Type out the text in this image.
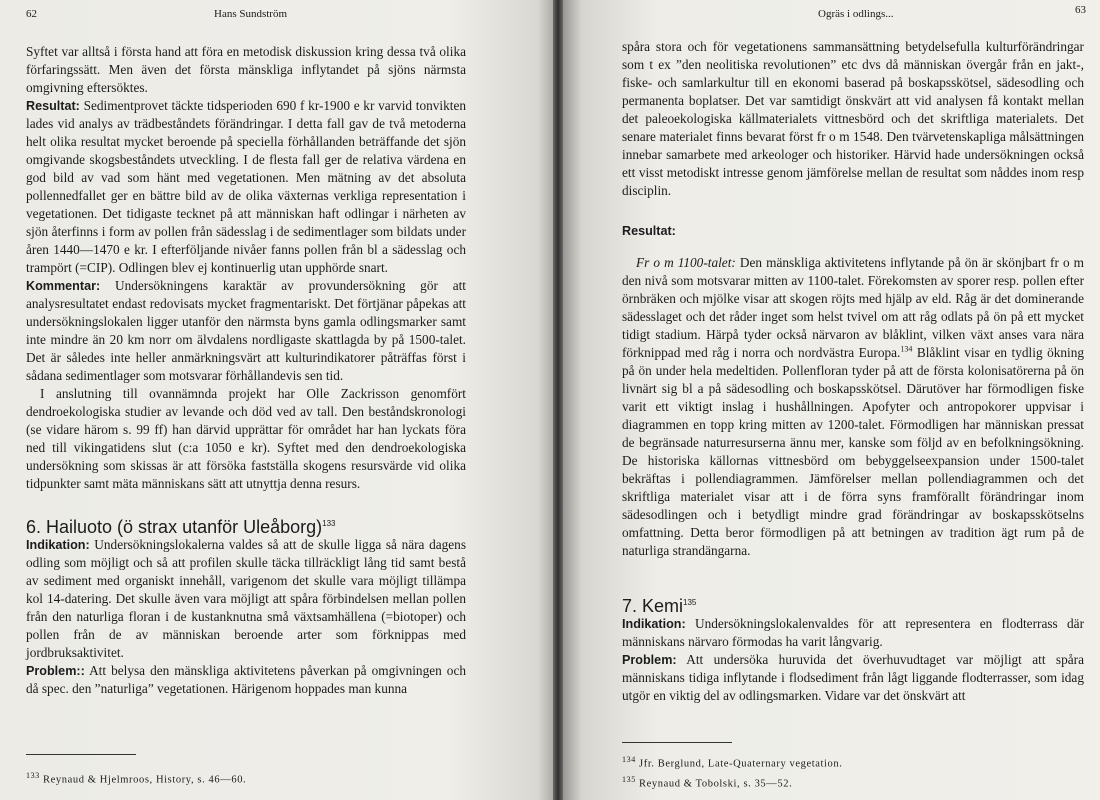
62	Hans Sundström

Syftet var alltså i första hand att föra en metodisk diskussion kring dessa två olika förfaringssätt. Men även det första mänskliga inflytandet på sjöns närmsta omgivning eftersöktes.

Resultat: Sedimentprovet täckte tidsperioden 690 f kr-1900 e kr varvid tonvikten lades vid analys av trädbeståndets förändringar. I detta fall gav de två metoderna helt olika resultat mycket beroende på speciella förhållanden beträffande det sjön omgivande skogsbeståndets utveckling. I de flesta fall ger de relativa värdena en god bild av vad som hänt med vegetationen. Men mätning av det absoluta pollennedfallet ger en bättre bild av de olika växternas verkliga representation i vegetationen. Det tidigaste tecknet på att människan haft odlingar i närheten av sjön återfinns i form av pollen från sädesslag i de sedimentlager som bildats under åren 1440—1470 e kr. I efterföljande nivåer fanns pollen från bl a sädesslag och trampört (=CIP). Odlingen blev ej kontinuerlig utan upphörde snart.

Kommentar: Undersökningens karaktär av provundersökning gör att analysresultatet endast redovisats mycket fragmentariskt. Det förtjänar påpekas att undersökningslokalen ligger utanför den närmsta byns gamla odlingsmarker samt inte mindre än 20 km norr om älvdalens nordligaste skattlagda by på 1500-talet. Det är således inte heller anmärkningsvärt att kulturindikatorer påträffas först i sådana sedimentlager som motsvarar förhållandevis sen tid.

I anslutning till ovannämnda projekt har Olle Zackrisson genomfört dendroekologiska studier av levande och död ved av tall. Den beståndskronologi (se vidare härom s. 99 ff) han därvid upprättar för området har han lyckats föra ned till vikingatidens slut (c:a 1050 e kr). Syftet med den dendroekologiska undersökning som skissas är att försöka fastställa skogens resursvärde vid olika tidpunkter samt mäta människans sätt att utnyttja denna resurs.

6. Hailuoto (ö strax utanför Uleåborg)$^{133}$

Indikation: Undersökningslokalerna valdes så att de skulle ligga så nära dagens odling som möjligt och så att profilen skulle täcka tillräckligt lång tid samt bestå av sediment med organiskt innehåll, varigenom det skulle vara möjligt tillämpa kol 14-datering. Det skulle även vara möjligt att spåra förbindelsen mellan pollen från den naturliga floran i de kustanknutna små växtsamhällena (=biotoper) och pollen från de av människan beroende arter som förknippas med jordbruksaktivitet.

Problem:: Att belysa den mänskliga aktivitetens påverkan på omgivningen och då spec. den ”naturliga” vegetationen. Härigenom hoppades man kunna

$^{133}$ Reynaud & Hjelmroos, History, s. 46—60.
Ogräs i odlings...	63

spåra stora och för vegetationens sammansättning betydelsefulla kulturförändringar som t ex ”den neolitiska revolutionen” etc dvs då människan övergår från en jakt-, fiske- och samlarkultur till en ekonomi baserad på boskapsskötsel, sädesodling och permanenta boplatser. Det var samtidigt önskvärt att vid analysen få kontakt mellan det paleoekologiska källmaterialets vittnesbörd och det skriftliga materialets. Det senare materialet finns bevarat först fr o m 1548. Den tvärvetenskapliga målsättningen innebar samarbete med arkeologer och historiker. Härvid hade undersökningen också ett visst metodiskt intresse genom jämförelse mellan de resultat som nåddes inom resp disciplin.

Resultat:

Fr o m 1100-talet: Den mänskliga aktivitetens inflytande på ön är skönjbart fr o m den nivå som motsvarar mitten av 1100-talet. Förekomsten av sporer resp. pollen efter örnbräken och mjölke visar att skogen röjts med hjälp av eld. Råg är det dominerande sädesslaget och det råder inget som helst tvivel om att råg odlats på ön på ett mycket tidigt stadium. Härpå tyder också närvaron av blåklint, vilken växt anses vara nära förknippad med råg i norra och nordvästra Europa.$^{134}$ Blåklint visar en tydlig ökning på ön under hela medeltiden. Pollenfloran tyder på att de första kolonisatörerna på ön livnärt sig bl a på sädesodling och boskapsskötsel. Därutöver har förmodligen fiske varit ett viktigt inslag i hushållningen. Apofyter och antropokorer uppvisar i diagrammen en topp kring mitten av 1200-talet. Förmodligen har människan pressat de begränsade naturresurserna ännu mer, kanske som följd av en befolkningsökning. De historiska källornas vittnesbörd om bebyggelseexpansion under 1500-talet bekräftas i pollendiagrammen. Jämförelser mellan pollendiagrammen och det skriftliga materialet visar att i de förra syns framförallt förändringar inom sädesodlingen och i betydligt mindre grad förändringar av boskapsskötselns omfattning. Detta beror förmodligen på att betningen av tradition ägt rum på de naturliga strandängarna.

7. Kemi$^{135}$

Indikation: Undersökningslokalenvaldes för att representera en flodterrass där människans närvaro förmodas ha varit långvarig.

Problem: Att undersöka huruvida det överhuvudtaget var möjligt att spåra människans tidiga inflytande i flodsediment från lågt liggande flodterrasser, som idag utgör en viktig del av odlingsmarken. Vidare var det önskvärt att

$^{134}$ Jfr. Berglund, Late-Quaternary vegetation.
$^{135}$ Reynaud & Tobolski, s. 35—52.
